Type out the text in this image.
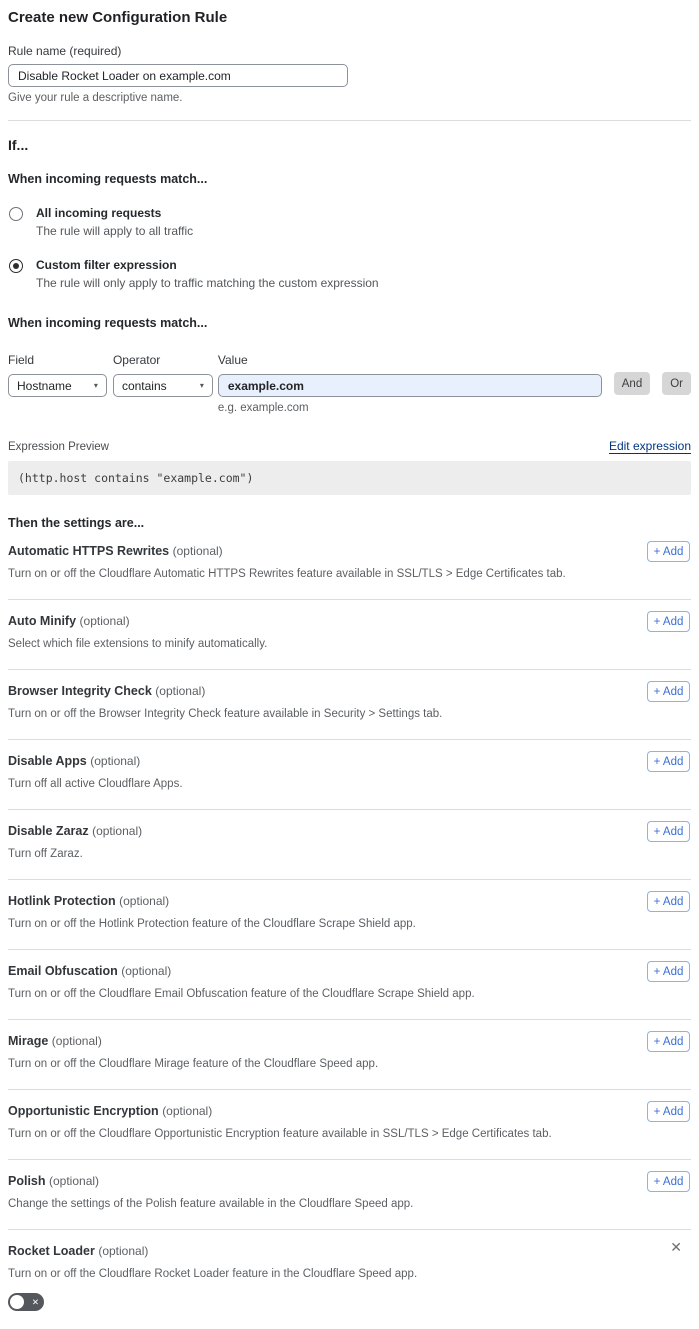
Create new Configuration Rule
Rule name (required)
Disable Rocket Loader on example.com
Give your rule a descriptive name.
If...
When incoming requests match...
All incoming requests
The rule will apply to all traffic
Custom filter expression
The rule will only apply to traffic matching the custom expression
When incoming requests match...
Field
Hostname	▾
Operator
contains	▾
Value
example.com
e.g. example.com
And	Or
Expression Preview	Edit expression
(http.host contains "example.com")
Then the settings are...
Automatic HTTPS Rewrites (optional)
Turn on or off the Cloudflare Automatic HTTPS Rewrites feature available in SSL/TLS > Edge Certificates tab.
+ Add
Auto Minify (optional)
Select which file extensions to minify automatically.
+ Add
Browser Integrity Check (optional)
Turn on or off the Browser Integrity Check feature available in Security > Settings tab.
+ Add
Disable Apps (optional)
Turn off all active Cloudflare Apps.
+ Add
Disable Zaraz (optional)
Turn off Zaraz.
+ Add
Hotlink Protection (optional)
Turn on or off the Hotlink Protection feature of the Cloudflare Scrape Shield app.
+ Add
Email Obfuscation (optional)
Turn on or off the Cloudflare Email Obfuscation feature of the Cloudflare Scrape Shield app.
+ Add
Mirage (optional)
Turn on or off the Cloudflare Mirage feature of the Cloudflare Speed app.
+ Add
Opportunistic Encryption (optional)
Turn on or off the Cloudflare Opportunistic Encryption feature available in SSL/TLS > Edge Certificates tab.
+ Add
Polish (optional)
Change the settings of the Polish feature available in the Cloudflare Speed app.
+ Add
Rocket Loader (optional)	✕
Turn on or off the Cloudflare Rocket Loader feature in the Cloudflare Speed app.
✕
